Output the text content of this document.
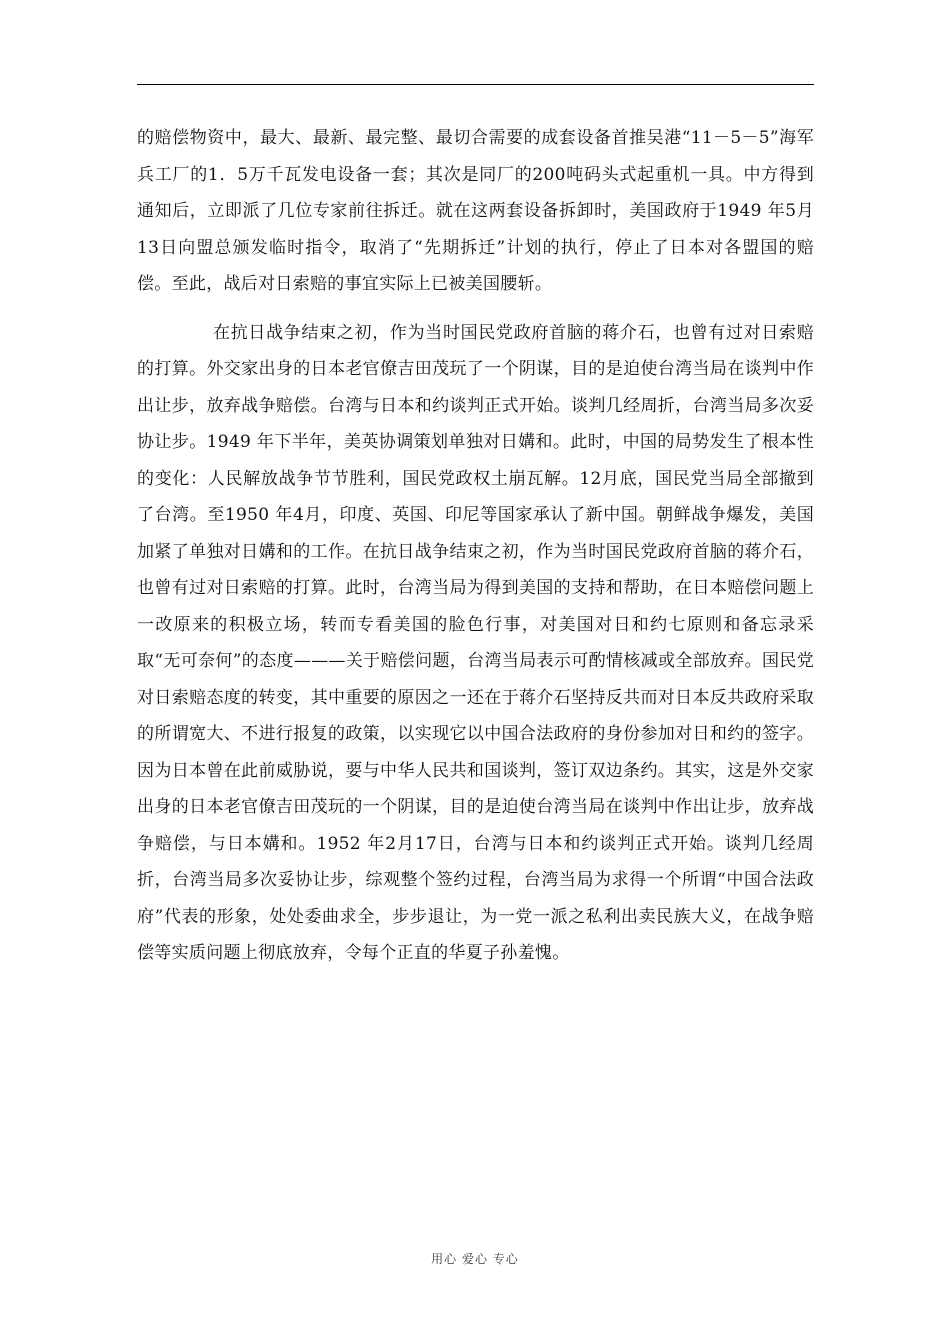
的赔偿物资中，最大、最新、最完整、最切合需要的成套设备首推吴港“11－5－5”海军兵工厂的1．5万千瓦发电设备一套；其次是同厂的200吨码头式起重机一具。中方得到通知后，立即派了几位专家前往拆迁。就在这两套设备拆卸时，美国政府于1949 年5月13日向盟总颁发临时指令，取消了“先期拆迁”计划的执行，停止了日本对各盟国的赔偿。至此，战后对日索赔的事宜实际上已被美国腰斩。

在抗日战争结束之初，作为当时国民党政府首脑的蒋介石，也曾有过对日索赔的打算。外交家出身的日本老官僚吉田茂玩了一个阴谋，目的是迫使台湾当局在谈判中作出让步，放弃战争赔偿。台湾与日本和约谈判正式开始。谈判几经周折，台湾当局多次妥协让步。1949 年下半年，美英协调策划单独对日媾和。此时，中国的局势发生了根本性的变化：人民解放战争节节胜利，国民党政权土崩瓦解。12月底，国民党当局全部撤到了台湾。至1950 年4月，印度、英国、印尼等国家承认了新中国。朝鲜战争爆发，美国加紧了单独对日媾和的工作。在抗日战争结束之初，作为当时国民党政府首脑的蒋介石，也曾有过对日索赔的打算。此时，台湾当局为得到美国的支持和帮助，在日本赔偿问题上一改原来的积极立场，转而专看美国的脸色行事，对美国对日和约七原则和备忘录采取“无可奈何”的态度———关于赔偿问题，台湾当局表示可酌情核减或全部放弃。国民党对日索赔态度的转变，其中重要的原因之一还在于蒋介石坚持反共而对日本反共政府采取的所谓宽大、不进行报复的政策，以实现它以中国合法政府的身份参加对日和约的签字。因为日本曾在此前威胁说，要与中华人民共和国谈判，签订双边条约。其实，这是外交家出身的日本老官僚吉田茂玩的一个阴谋，目的是迫使台湾当局在谈判中作出让步，放弃战争赔偿，与日本媾和。1952 年2月17日，台湾与日本和约谈判正式开始。谈判几经周折，台湾当局多次妥协让步，综观整个签约过程，台湾当局为求得一个所谓“中国合法政府”代表的形象，处处委曲求全，步步退让，为一党一派之私利出卖民族大义，在战争赔偿等实质问题上彻底放弃，令每个正直的华夏子孙羞愧。

用心 爱心 专心
